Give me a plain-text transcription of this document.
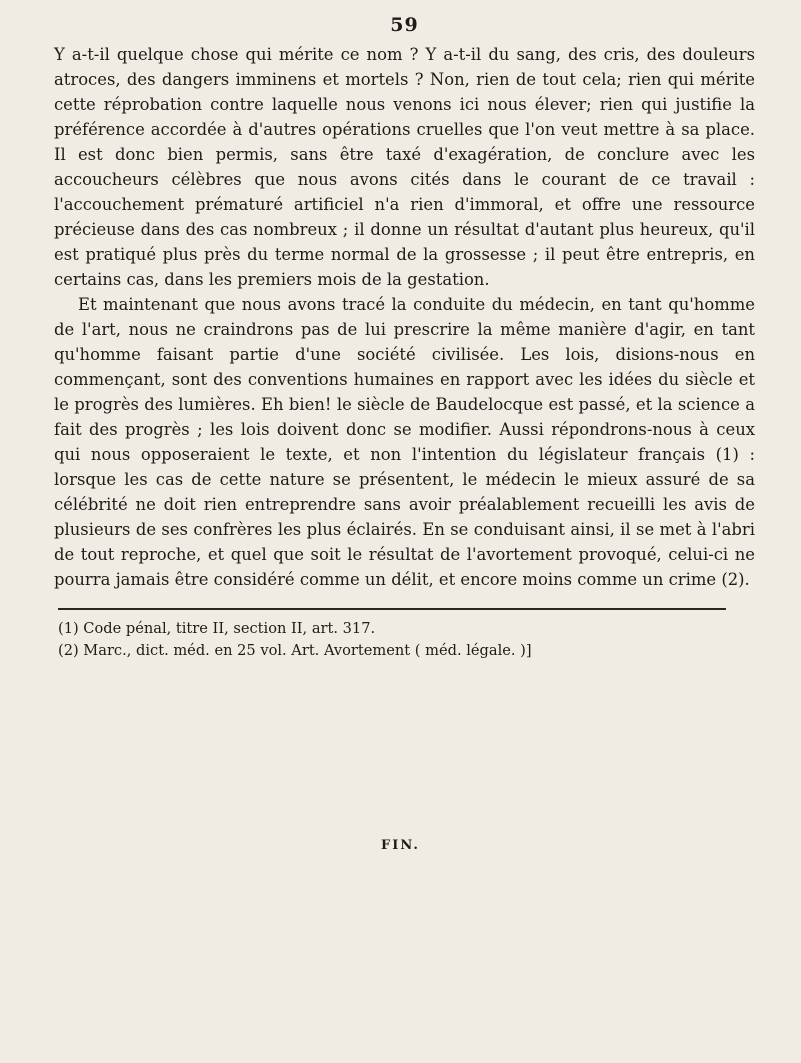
59

Y a-t-il quelque chose qui mérite ce nom ? Y a-t-il du sang, des cris, des douleurs atroces, des dangers imminens et mortels ? Non, rien de tout cela; rien qui mérite cette réprobation contre laquelle nous venons ici nous élever; rien qui justifie la préférence accordée à d'autres opérations cruelles que l'on veut mettre à sa place. Il est donc bien permis, sans être taxé d'exagération, de conclure avec les accoucheurs célèbres que nous avons cités dans le courant de ce travail : l'accouchement prématuré artificiel n'a rien d'immoral, et offre une ressource précieuse dans des cas nombreux ; il donne un résultat d'autant plus heureux, qu'il est pratiqué plus près du terme normal de la grossesse ; il peut être entrepris, en certains cas, dans les premiers mois de la gestation.

Et maintenant que nous avons tracé la conduite du médecin, en tant qu'homme de l'art, nous ne craindrons pas de lui prescrire la même manière d'agir, en tant qu'homme faisant partie d'une société civilisée. Les lois, disions-nous en commençant, sont des conventions humaines en rapport avec les idées du siècle et le progrès des lumières. Eh bien! le siècle de Baudelocque est passé, et la science a fait des progrès ; les lois doivent donc se modifier. Aussi répondrons-nous à ceux qui nous opposeraient le texte, et non l'intention du législateur français (1) : lorsque les cas de cette nature se présentent, le médecin le mieux assuré de sa célébrité ne doit rien entreprendre sans avoir préalablement recueilli les avis de plusieurs de ses confrères les plus éclairés. En se conduisant ainsi, il se met à l'abri de tout reproche, et quel que soit le résultat de l'avortement provoqué, celui-ci ne pourra jamais être considéré comme un délit, et encore moins comme un crime (2).

(1) Code pénal, titre II, section II, art. 317.

(2) Marc., dict. méd. en 25 vol. Art. Avortement ( méd. légale. )]

FIN.
